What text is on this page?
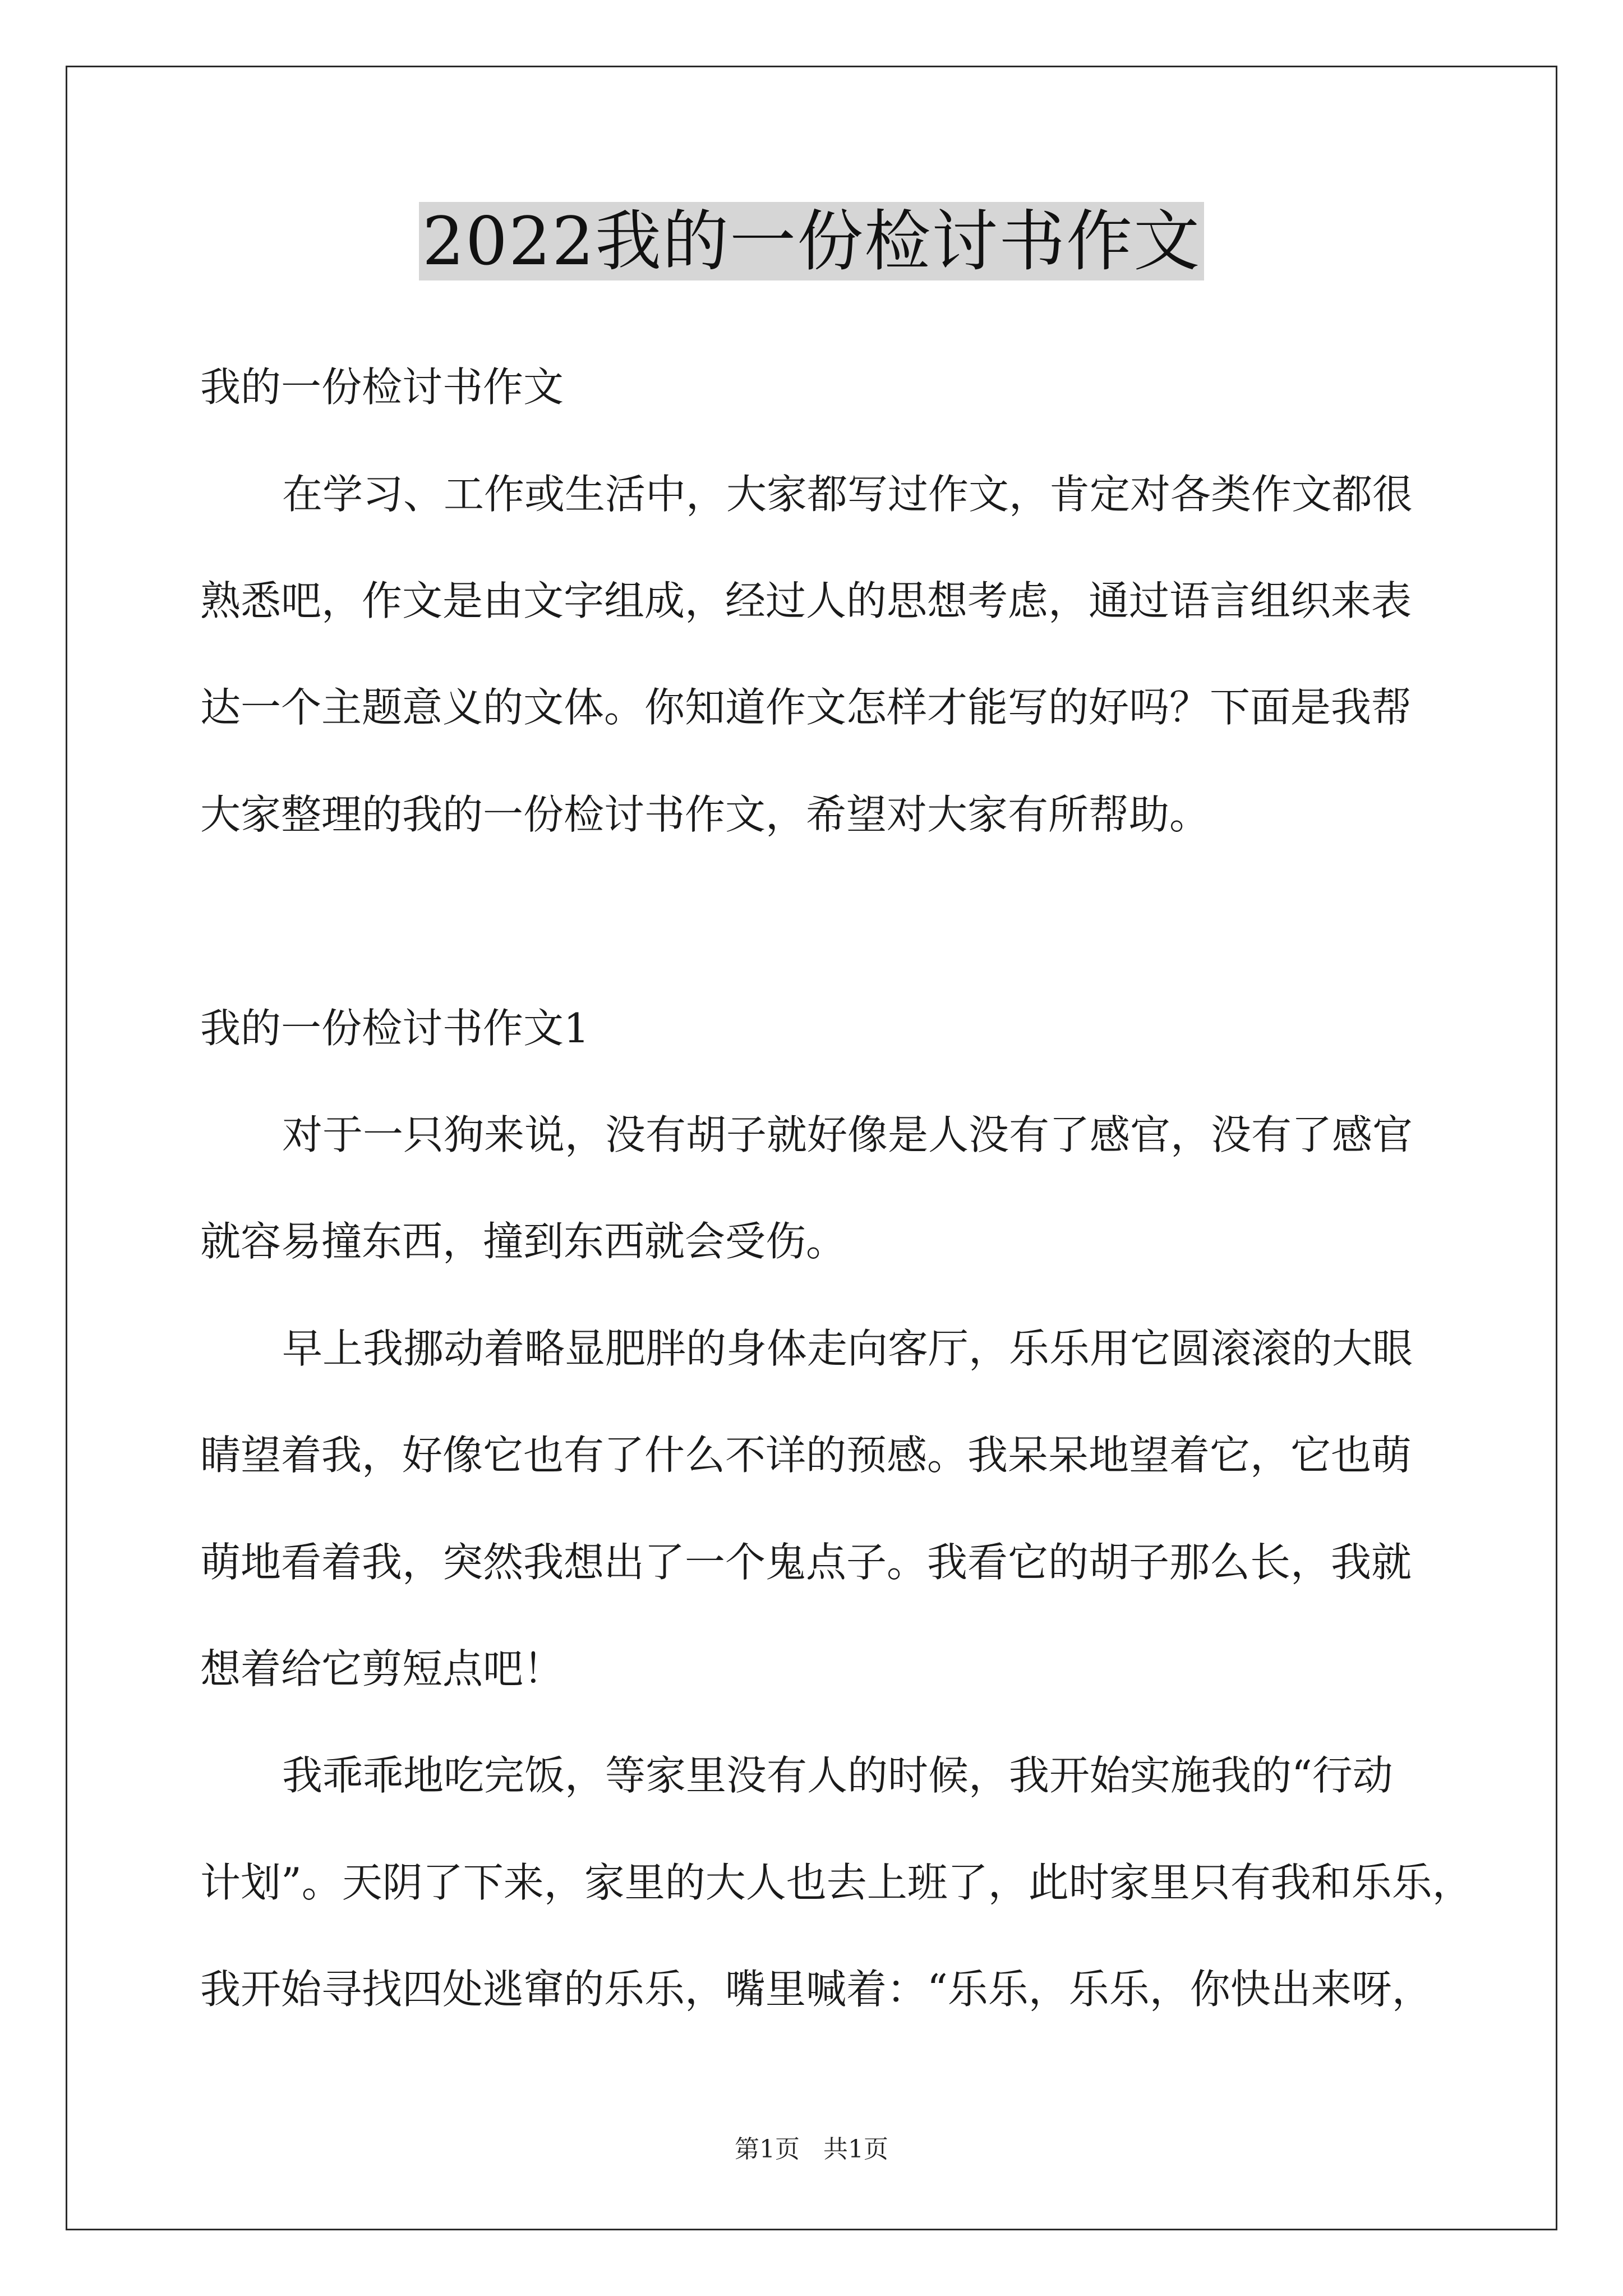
2022我的一份检讨书作文
我的一份检讨书作文
在学习、工作或生活中，大家都写过作文，肯定对各类作文都很
熟悉吧，作文是由文字组成，经过人的思想考虑，通过语言组织来表
达一个主题意义的文体。你知道作文怎样才能写的好吗？下面是我帮
大家整理的我的一份检讨书作文，希望对大家有所帮助。
我的一份检讨书作文1
对于一只狗来说，没有胡子就好像是人没有了感官，没有了感官
就容易撞东西，撞到东西就会受伤。
早上我挪动着略显肥胖的身体走向客厅，乐乐用它圆滚滚的大眼
睛望着我，好像它也有了什么不详的预感。我呆呆地望着它，它也萌
萌地看着我，突然我想出了一个鬼点子。我看它的胡子那么长，我就
想着给它剪短点吧！
我乖乖地吃完饭，等家里没有人的时候，我开始实施我的“行动
计划”。天阴了下来，家里的大人也去上班了，此时家里只有我和乐乐，
我开始寻找四处逃窜的乐乐，嘴里喊着：“乐乐，乐乐，你快出来呀，
第1页 共1页
